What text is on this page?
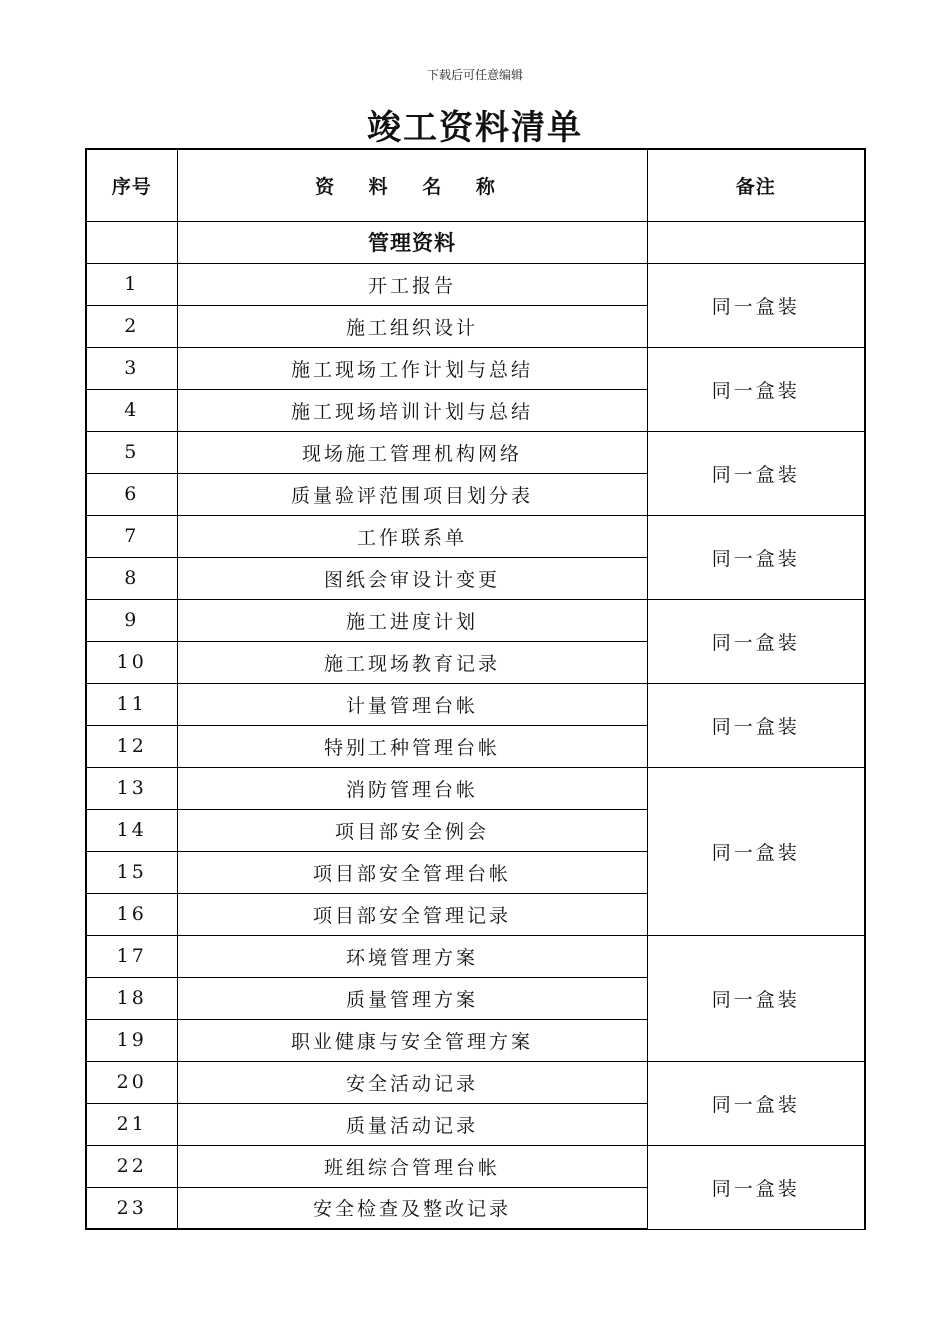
下载后可任意编辑
竣工资料清单
序号	资 料 名 称	备注
	管理资料	
1	开工报告	同一盒装
2	施工组织设计	
3	施工现场工作计划与总结	同一盒装
4	施工现场培训计划与总结	
5	现场施工管理机构网络	同一盒装
6	质量验评范围项目划分表	
7	工作联系单	同一盒装
8	图纸会审设计变更	
9	施工进度计划	同一盒装
10	施工现场教育记录	
11	计量管理台帐	同一盒装
12	特别工种管理台帐	
13	消防管理台帐	同一盒装
14	项目部安全例会	
15	项目部安全管理台帐	
16	项目部安全管理记录	
17	环境管理方案	同一盒装
18	质量管理方案	
19	职业健康与安全管理方案	
20	安全活动记录	同一盒装
21	质量活动记录	
22	班组综合管理台帐	同一盒装
23	安全检查及整改记录	
